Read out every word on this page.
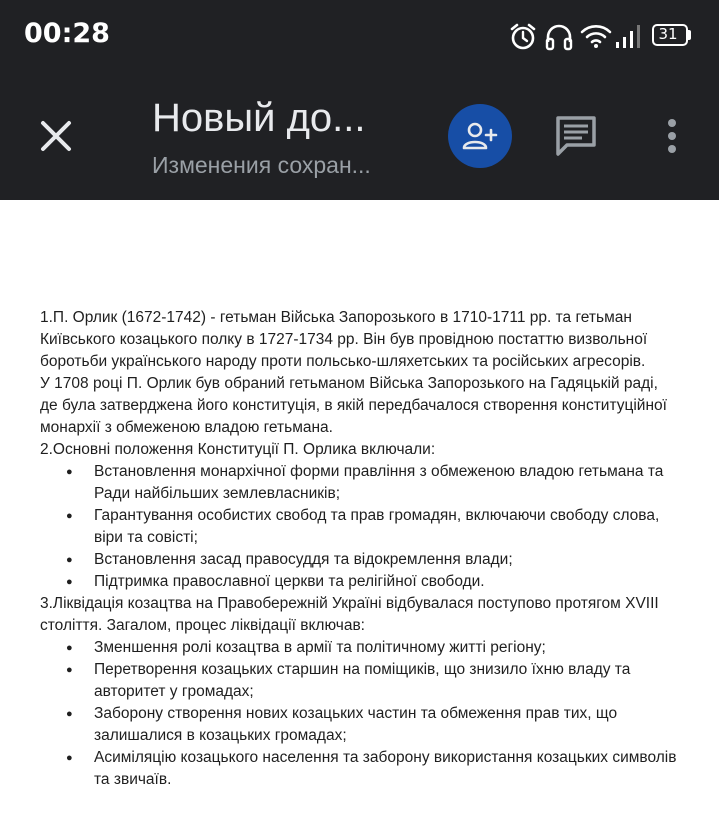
00:28	31
Новый до...
Изменения сохран...

1.П. Орлик (1672-1742) - гетьман Війська Запорозького в 1710-1711 рр. та гетьман

Київського козацького полку в 1727-1734 рр. Він був провідною постаттю визвольної

боротьби українського народу проти польсько-шляхетських та російських агресорів.

У 1708 році П. Орлик був обраний гетьманом Війська Запорозького на Гадяцькій раді,

де була затверджена його конституція, в якій передбачалося створення конституційної

монархії з обмеженою владою гетьмана.

2.Основні положення Конституції П. Орлика включали:

● Встановлення монархічної форми правління з обмеженою владою гетьмана та
Ради найбільших землевласників;
● Гарантування особистих свобод та прав громадян, включаючи свободу слова,
віри та совісті;
● Встановлення засад правосуддя та відокремлення влади;
● Підтримка православної церкви та релігійної свободи.

3.Ліквідація козацтва на Правобережній Україні відбувалася поступово протягом XVIII

століття. Загалом, процес ліквідації включав:

● Зменшення ролі козацтва в армії та політичному житті регіону;
● Перетворення козацьких старшин на поміщиків, що знизило їхню владу та
авторитет у громадах;
● Заборону створення нових козацьких частин та обмеження прав тих, що
залишалися в козацьких громадах;
● Асиміляцію козацького населення та заборону використання козацьких символів
та звичаїв.
